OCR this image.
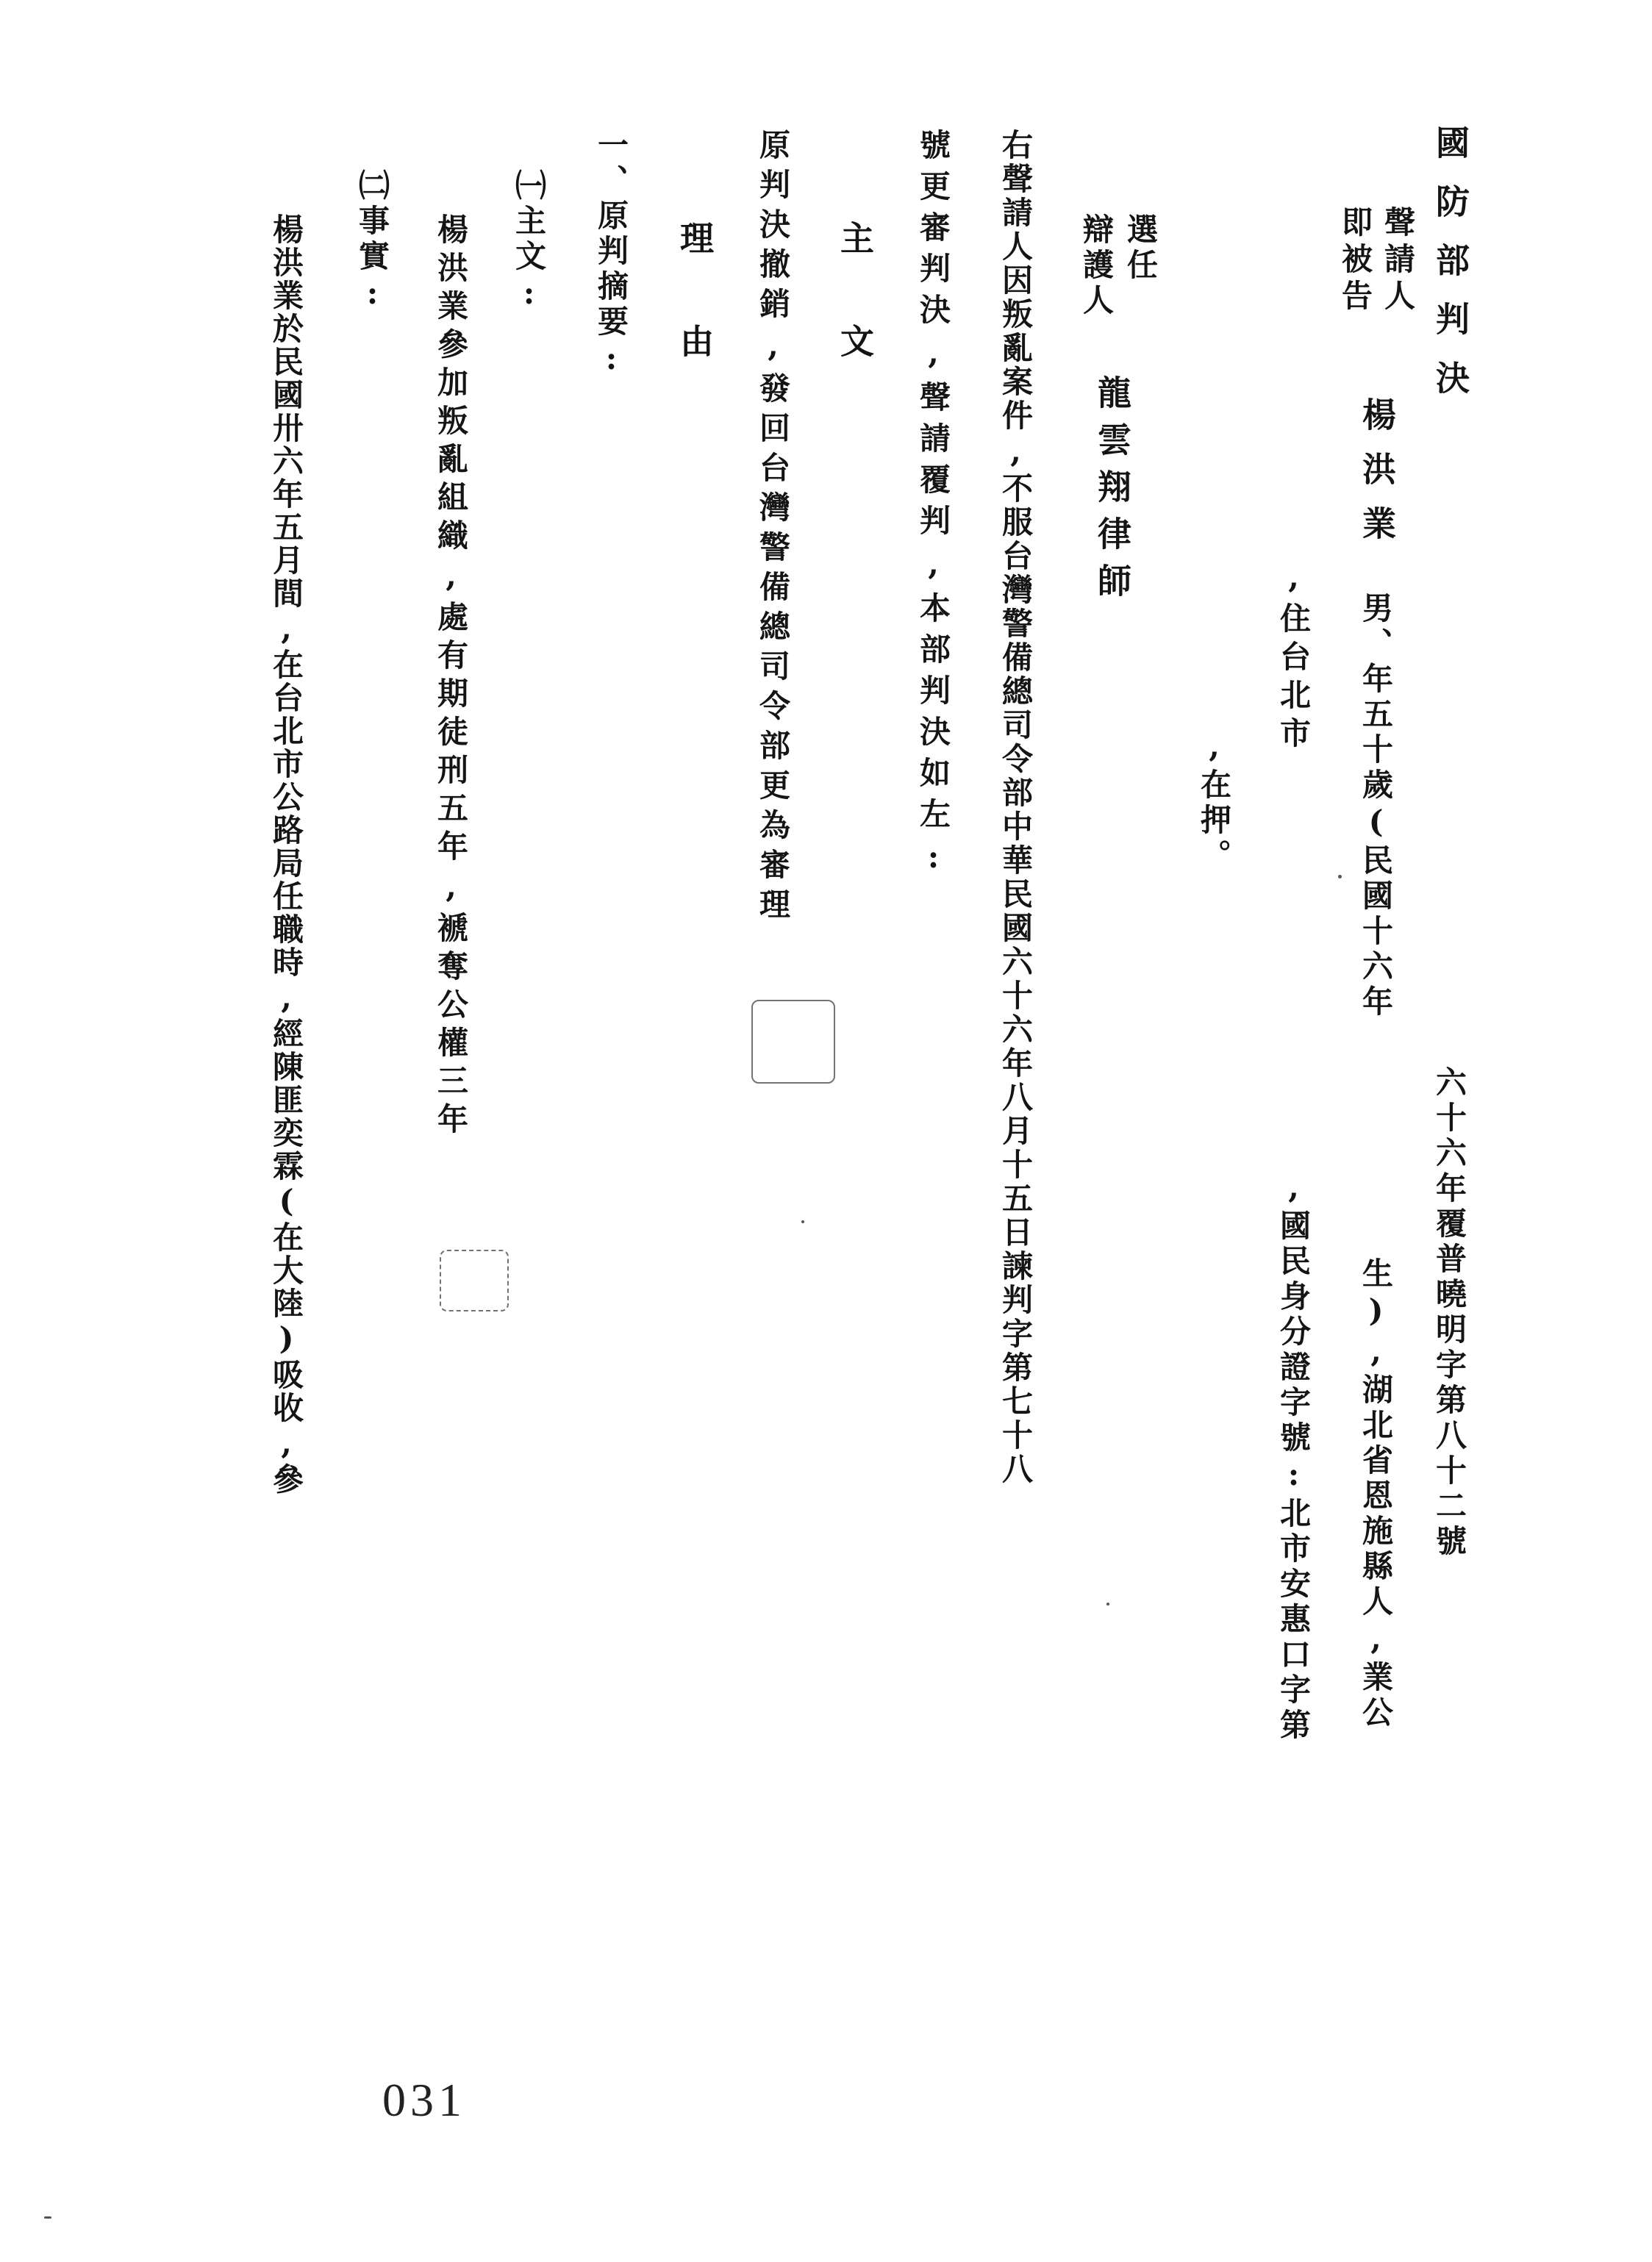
國防部判決
六十六年覆普曉明字第八十二號
聲請人
即被告
楊洪業
男、年五十歲(民國十六年
生),湖北省恩施縣人,業公
,住台北市
,國民身分證字號:北市安惠口字第
,在押。
選任
辯護人
龍雲翔律師
右聲請人因叛亂案件,不服台灣警備總司令部中華民國六十六年八月十五日諫判字第七十八
號更審判決,聲請覆判,本部判決如左:
主 文
原判決撤銷,發回台灣警備總司令部更為審理
理 由
一、原判摘要:
㈠主文:
楊洪業參加叛亂組織,處有期徒刑五年,褫奪公權三年
㈡事實:
楊洪業於民國卅六年五月間,在台北市公路局任職時,經陳匪奕霖(在大陸)吸收,參
031
